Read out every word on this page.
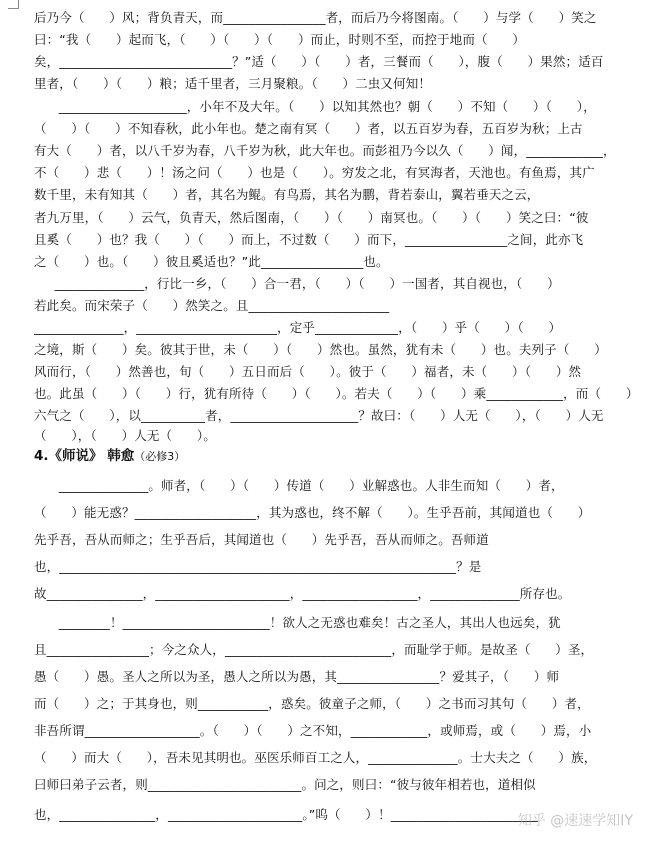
后乃今（      ）风；背负青天，而________________者，而后乃今将图南。（      ）与学（      ）笑之
曰：“我（      ）起而飞，（      ）（      ）（      ）而止，时则不至，而控于地而（      ）
矣，___________________________？”适（      ）（      ）者，三餐而（      ），腹（      ）果然；适百
里者，（      ）（      ）粮；适千里者，三月聚粮。（      ）二虫又何知！
____________________，小年不及大年。（      ）以知其然也？朝（      ）不知（      ）（      ），
（      ）（      ）不知春秋，此小年也。楚之南有冥（      ）者，以五百岁为春，五百岁为秋；上古
有大（      ）者，以八千岁为春，八千岁为秋，此大年也。而彭祖乃今以久（      ）闻，____________，
不（      ）悲（      ）！汤之问（      ）也是（      ）。穷发之北，有冥海者，天池也。有鱼焉，其广
数千里，未有知其（      ）者，其名为鲲。有鸟焉，其名为鹏，背若泰山，翼若垂天之云，
者九万里，（      ）云气，负青天，然后图南，（      ）（      ）南冥也。（      ）（      ）笑之曰：“彼
且奚（      ）也？我（      ）（      ）而上，不过数（      ）而下，________________之间，此亦飞
之（      ）也。（      ）彼且奚适也？”此________________也。
______________，行比一乡，（      ）合一君，（      ）（      ）一国者，其自视也，（      ）
若此矣。而宋荣子（      ）然笑之。且______________________
______________，______________________，定乎_____________，（      ）乎（      ）（      ）
之境，斯（      ）矣。彼其于世，未（      ）（      ）然也。虽然，犹有未（      ）也。夫列子（      ）
风而行，（      ）然善也，旬（      ）五日而后（      ）。彼于（      ）福者，未（      ）（      ）然
也。此虽（      ）（      ）行，犹有所待（      ）（      ）。若夫（      ）（      ）乘____________，而（      ）
六气之（      ），以__________者，____________________？故曰：（      ）人无（      ），（      ）人无
（      ），（      ）人无（      ）。
4.《师说》 韩愈（必修3）
______________。师者，（      ）（      ）传道（      ）业解惑也。人非生而知（      ）者，
（      ）能无惑？___________________，其为惑也，终不解（      ）。生乎吾前，其闻道也（      ）
先乎吾，吾从而师之；生乎吾后，其闻道也（      ）先乎吾，吾从而师之。吾师道
也，______________________________________________________________？是
故_______________，_____________________，__________________，______________所存也。
________！_______________________！欲人之无惑也难矣！古之圣人，其出人也远矣，犹
且________________；今之众人，__________________________，而耻学于师。是故圣（      ）圣，
愚（      ）愚。圣人之所以为圣，愚人之所以为愚，其________________？爱其子，（      ）师
而（      ）之；于其身也，则___________，惑矣。彼童子之师，（      ）之书而习其句（      ）者，
非吾所谓__________________。（      ）（      ）之不知，____________，或师焉，或（      ）焉，小
（      ）而大（      ），吾未见其明也。巫医乐师百工之人，______________。士大夫之（      ）族，
曰师曰弟子云者，则________________________。问之，则曰：“彼与彼年相若也，道相似
也，_______________，_____________________。”呜（      ）！_______________________
知乎 @速速学知IY
